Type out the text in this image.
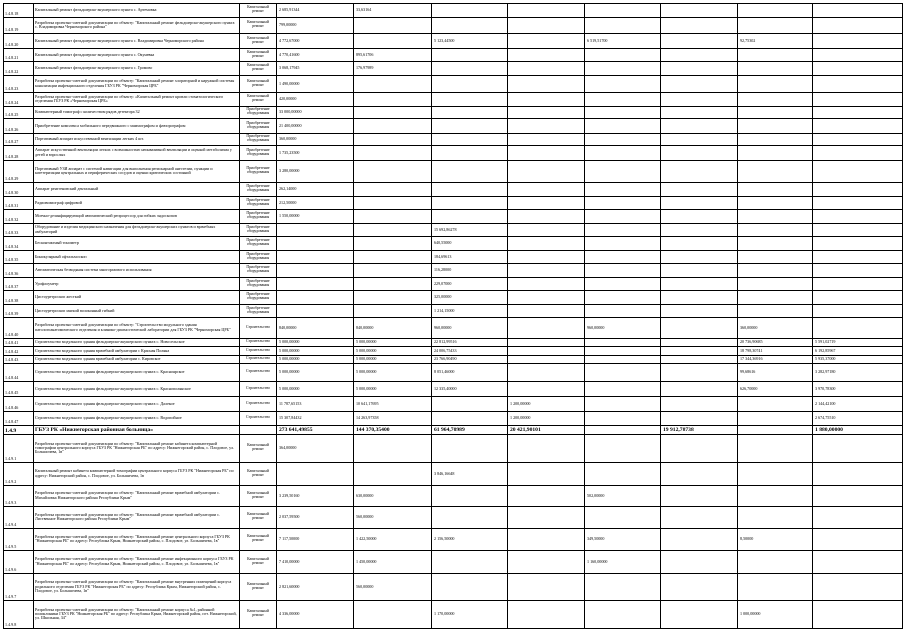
1.4.8.18	Капитальный ремонт фельдшерско-акушерского пункта с. Артемовка	Капитальный ремонт	2 685,91344	33,63164							
1.4.8.19	Разработка проектно-сметной документации по объекту: "Капитальный ремонт фельдшерско-акушерского пункта с. Владимировка Черноморского района"	Капитальный ремонт	799,00000								
1.4.8.20	Капитальный ремонт фельдшерско-акушерского пункта с. Владимировка Черноморского района	Капитальный ремонт	4 772,67000		5 123,44500		6 519,51700		92,75302		
1.4.8.21	Капитальный ремонт фельдшерско-акушерского пункта с. Окуневка	Капитальный ремонт	4 770,41600	895,61706							
1.4.8.22	Капитальный ремонт фельдшерско-акушерского пункта с. Громово	Капитальный ремонт	3 068,17945	176,97989							
1.4.8.23	Разработка проектно-сметной документации по объекту: "Капитальный ремонт хлораторной и наружной системы канализации инфекционного отделения ГБУЗ РК "Черноморская ЦРБ"	Капитальный ремонт	1 490,00000								
1.4.8.24	Разработка проектно-сметной документации по объекту: «Капитальный ремонт кровли стоматологического отделения ГБУЗ РК «Черноморская ЦРБ»	Капитальный ремонт	420,00000								
1.4.8.25	Компьютерный томограф с количеством рядов детектора 32	Приобретение оборудования	33 000,00000								
1.4.8.26	Приобретение комплекса мобильного передвижного с маммографом и флюорографом	Приобретение оборудования	21 400,00000								
1.4.8.27	Портативный аппарат искусственной вентиляции легких 4 шт.	Приобретение оборудования	360,00000								
1.4.8.28	Аппарат искусственной вентиляции легких с возможностью неинвазивной вентиляции и оценкой метаболизма у детей и взрослых	Приобретение оборудования	1 735,23500								
1.4.8.29	Портативный УЗИ аппарат с системой навигации для выполнения регионарной анестезии, пункции и катетеризации центральных и периферических сосудов и оценки критических состояний	Приобретение оборудования	3 280,00000								
1.4.8.30	Аппарат рентгеновский дентальный	Приобретение оборудования	262,14000								
1.4.8.31	Радиовизиограф цифровой	Приобретение оборудования	212,50000								
1.4.8.32	Моечно-дезинфицирующий автоматический репроцессор для гибких эндоскопов	Приобретение оборудования	1 550,00000								
1.4.8.33	Оборудование и изделия медицинского назначения для фельдшерско-акушерских пунктов и врачебных амбулаторий	Приобретение оборудования			15 692,86278						
1.4.8.34	Бесконтактный тонометр	Приобретение оборудования			640,55000						
1.4.8.35	Бинокулярный офтальмоскоп	Приобретение оборудования			184,69613						
1.4.8.36	Автоматическая безводяная система многоразового использования	Приобретение оборудования			116,28000						
1.4.8.37	Урофлоуметр	Приобретение оборудования			229,07000						
1.4.8.38	Цистоуретроскоп жесткий	Приобретение оборудования			325,00000						
1.4.8.39	Цистоуретроскоп мягкий волоконный гибкий	Приобретение оборудования			1 214,15000						
1.4.8.40	Разработка проектно-сметной документации по объекту: "Строительство модульного здания патологоанатомического отделения и клинико-диагностической лаборатории для ГБУЗ РК "Черноморская ЦРБ"	Строительство	840,00000	840,00000	960,00000		960,00000		360,00000		
1.4.8.41	Строительство модульного здания фельдшерско-акушерского пункта с. Новосельское	Строительство	5 000,00000	5 000,00000	22 812,99516				20 736,90685	5 591,02719	
1.4.8.42	Строительство модульного здания врачебной амбулатории с Красная Поляна	Строительство	5 000,00000	5 000,00000	24 006,75433				18 798,30741	6 192,85967	
1.4.8.43	Строительство модульного здания врачебной амбулатории с. Кировское	Строительство	5 000,00000	5 000,00000	23 766,90490				17 344,36916	5 935,37000	
1.4.8.44	Строительство модульного здания фельдшерско-акушерского пункта с. Красноярское	Строительство	5 000,00000	5 000,00000	8 051,46000				99,68616	3 282,97180	
1.4.8.45	Строительство модульного здания фельдшерско-акушерского пункта с. Краснополянское	Строительство	5 000,00000	5 000,00000	12 335,40000				626,70000	3 970,78300	
1.4.8.46	Строительство модульного здания фельдшерско-акушерского пункта с. Далекое	Строительство	11 787,65153	10 641,17695		1 200,00000				2 144,42100	
1.4.8.47	Строительство модульного здания фельдшерско-акушерского пункта с. Водопойное	Строительство	15 307,84432	14 263,97358		1 200,00000				2 674,75510	
1.4.9	ГБУЗ РК «Нижнегорская районная больница»		273 641,49855	144 370,35400	61 964,70989	20 421,90101		19 912,78738		1 880,00000	
1.4.9.1	Разработка проектно-сметной документации по объекту: "Капитальный ремонт кабинета компьютерной томографии центрального корпуса ГБУЗ РК "Нижнегорская РБ" по адресу: Нижнегорский район, с. Плодовое, ул. Большичева, 1в"	Капитальный ремонт	364,00000								
1.4.9.2	Капитальный ремонт кабинета компьютерной томографии центрального корпуса ГБУЗ РК "Нижнегорская РБ" по адресу: Нижнегорский район, с. Плодовое, ул. Большичева, 1в	Капитальный ремонт			3 846,16648						
1.4.9.3	Разработка проектно-сметной документации по объекту: "Капитальный ремонт врачебной амбулатории с. Михайловка Нижнегорского района Республики Крым"	Капитальный ремонт	3 239,50160	630,00000			502,00000				
1.4.9.4	Разработка проектно-сметной документации по объекту: "Капитальный ремонт врачебной амбулатории с. Лиственное Нижнегорского района Республики Крым"	Капитальный ремонт	2 037,59500	560,00000							
1.4.9.5	Разработка проектно-сметной документации по объекту: "Капитальный ремонт центрального корпуса ГБУЗ РК "Нижнегорская РБ" по адресу: Республика Крым, Нижнегорский район, с. Плодовое, ул. Большичева, 1в"	Капитальный ремонт	7 117,50000	1 422,50000	2 156,50000		349,50000		8,50000		
1.4.9.6	Разработка проектно-сметной документации по объекту: "Капитальный ремонт инфекционного корпуса ГБУЗ РК "Нижнегорская РБ" по адресу: Республика Крым, Нижнегорский район, с. Плодовое, ул. Большичева, 1в"	Капитальный ремонт	7 410,00000	1 450,00000			1 160,00000				
1.4.9.7	Разработка проектно-сметной документации по объекту: "Капитальный ремонт внутренних помещений корпуса родильного отделения ГБУЗ РК "Нижнегорская РБ" по адресу: Республика Крым, Нижнегорский район, с. Плодовое, ул. Большичева, 1в"	Капитальный ремонт	2 821,60000	560,00000							
1.4.9.8	Разработка проектно-сметной документации по объекту: "Капитальный ремонт корпуса №1, районной поликлиники ГБУЗ РК "Нижнегорская РБ" по адресу: Республика Крым, Нижнегорский район, пгт. Нижнегорский, ул. Школьная, 34"	Капитальный ремонт	4 336,00000		1 170,00000				1 000,00000		
